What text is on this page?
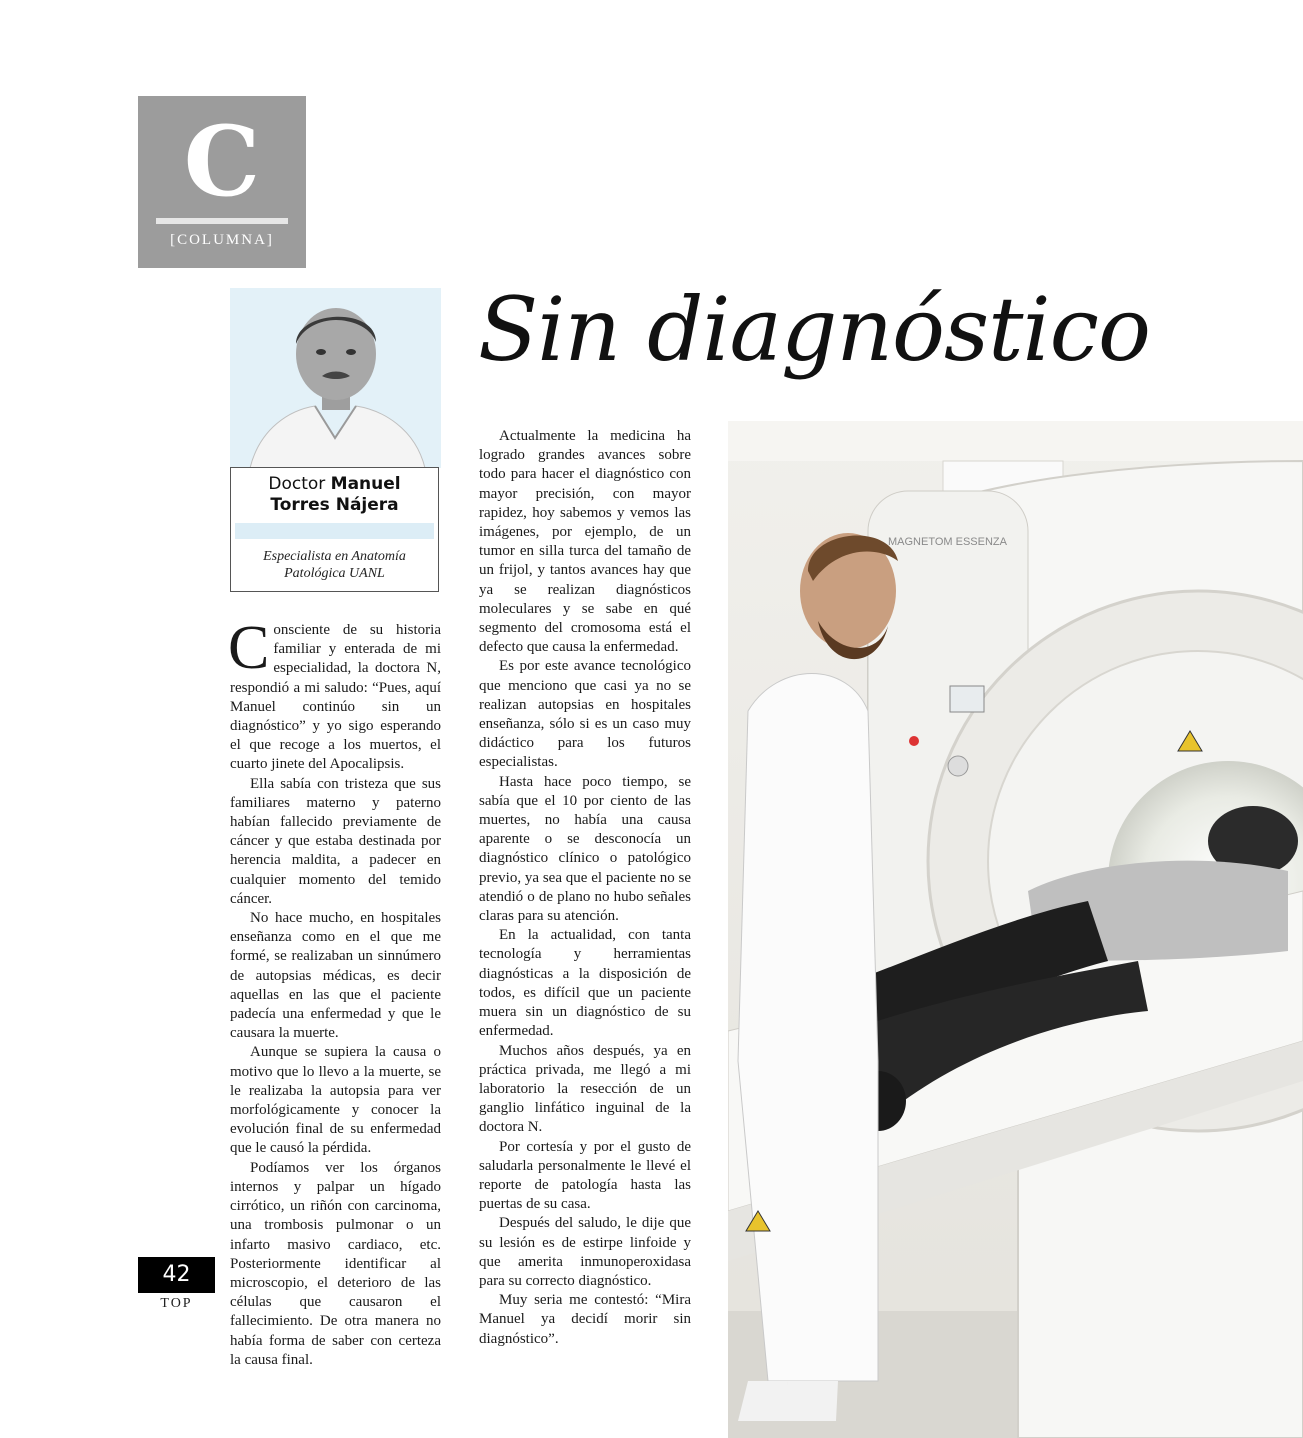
C
[COLUMNA]
Doctor Manuel
Torres Nájera
Especialista en Anatomía
Patológica UANL
Sin diagnóstico

Consciente de su historia familiar y enterada de mi especialidad, la doctora N, respondió a mi saludo: “Pues, aquí Manuel continúo sin un diagnóstico” y yo sigo esperando el que recoge a los muertos, el cuarto jinete del Apocalipsis.

Ella sabía con tristeza que sus familiares materno y paterno habían fallecido previamente de cáncer y que estaba destinada por herencia maldita, a padecer en cualquier momento del temido cáncer.

No hace mucho, en hospitales enseñanza como en el que me formé, se realizaban un sinnúmero de autopsias médicas, es decir aquellas en las que el paciente padecía una enfermedad y que le causara la muerte.

Aunque se supiera la causa o motivo que lo llevo a la muerte, se le realizaba la autopsia para ver morfológicamente y conocer la evolución final de su enfermedad que le causó la pérdida.

Podíamos ver los órganos internos y palpar un hígado cirrótico, un riñón con carcinoma, una trombosis pulmonar o un infarto masivo cardiaco, etc. Posteriormente identificar al microscopio, el deterioro de las células que causaron el fallecimiento. De otra manera no había forma de saber con certeza la causa final.

Actualmente la medicina ha logrado grandes avances sobre todo para hacer el diagnóstico con mayor precisión, con mayor rapidez, hoy sabemos y vemos las imágenes, por ejemplo, de un tumor en silla turca del tamaño de un frijol, y tantos avances hay que ya se realizan diagnósticos moleculares y se sabe en qué segmento del cromosoma está el defecto que causa la enfermedad.

Es por este avance tecnológico que menciono que casi ya no se realizan autopsias en hospitales enseñanza, sólo si es un caso muy didáctico para los futuros especialistas.

Hasta hace poco tiempo, se sabía que el 10 por ciento de las muertes, no había una causa aparente o se desconocía un diagnóstico clínico o patológico previo, ya sea que el paciente no se atendió o de plano no hubo señales claras para su atención.

En la actualidad, con tanta tecnología y herramientas diagnósticas a la disposición de todos, es difícil que un paciente muera sin un diagnóstico de su enfermedad.

Muchos años después, ya en práctica privada, me llegó a mi laboratorio la resección de un ganglio linfático inguinal de la doctora N.

Por cortesía y por el gusto de saludarla personalmente le llevé el reporte de patología hasta las puertas de su casa.

Después del saludo, le dije que su lesión es de estirpe linfoide y que amerita inmunoperoxidasa para su correcto diagnóstico.

Muy seria me contestó: “Mira Manuel ya decidí morir sin diagnóstico”.

MAGNETOM ESSENZA
42
TOP
